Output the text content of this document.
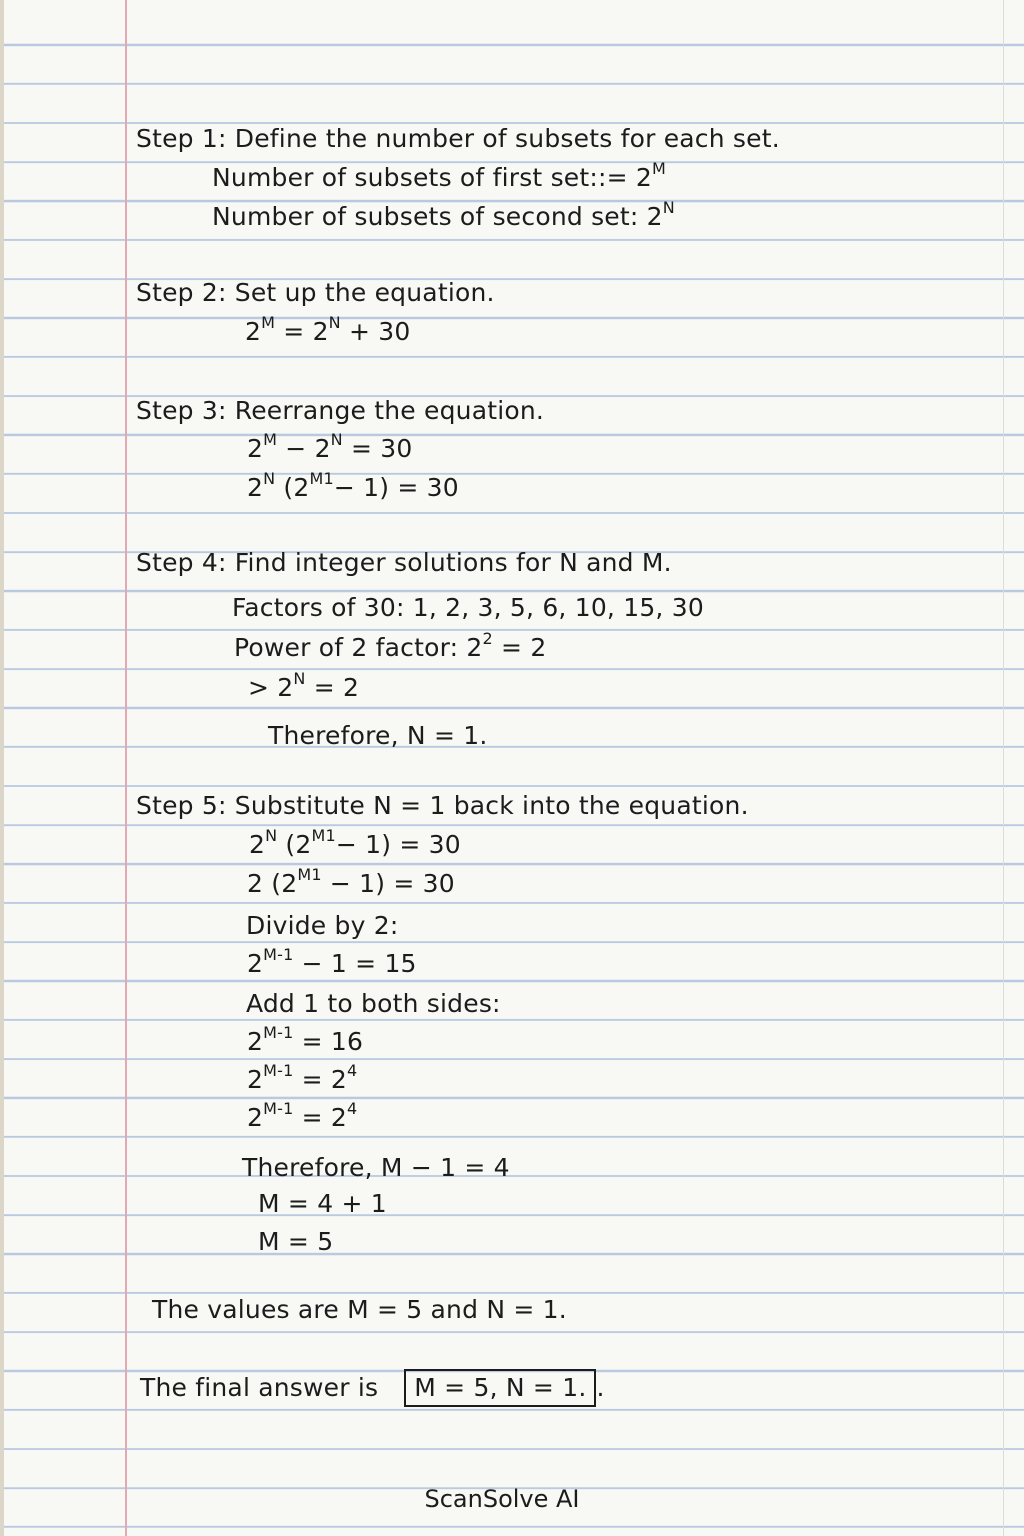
Step 1: Define the number of subsets for each set.
Number of subsets of first set::= $2^M$
Number of subsets of second set: $2^N$
Step 2: Set up the equation.
$2^M = 2^N + 30$
Step 3: Reerrange the equation.
$2^M - 2^N = 30$
$2^N$ $(2^{M1}- 1) = 30$
Step 4: Find integer solutions for N and M.
Factors of 30: 1, 2, 3, 5, 6, 10, 15, 30
Power of 2 factor: $2^2 = 2$
> $2^N = 2$
Therefore, N = 1.
Step 5: Substitute N = 1 back into the equation.
$2^N$ $(2^{M1}- 1) = 30$
2 $(2^{M1} - 1) = 30$
Divide by 2:
$2^{M-1} - 1 = 15$
Add 1 to both sides:
$2^{M-1} = 16$
$2^{M-1} = 2^4$
$2^{M-1} = 2^4$
Therefore, M − 1 = 4
M = 4 + 1
M = 5
The values are M = 5 and N = 1.
The final answer is M = 5, N = 1. .
ScanSolve AI
